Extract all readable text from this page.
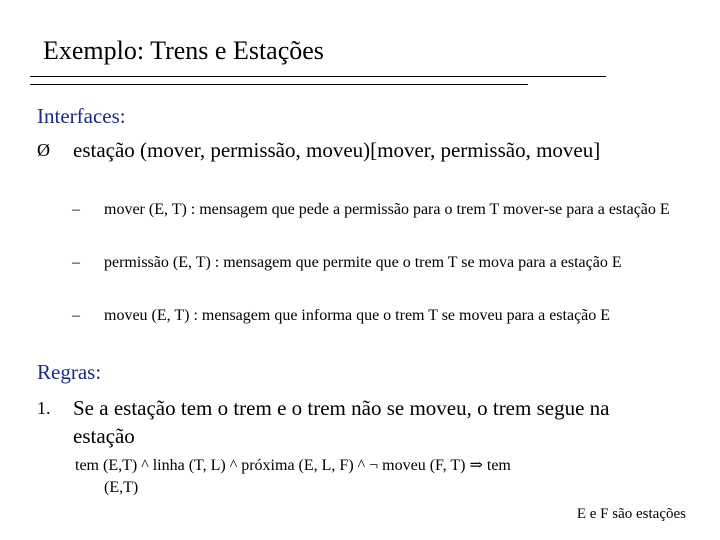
Exemplo: Trens e Estações
Interfaces:
Ø	estação (mover, permissão, moveu)[mover, permissão, moveu]
– mover (E, T) : mensagem que pede a permissão para o trem T mover-se para a estação E
– permissão (E, T) : mensagem que permite que o trem T se mova para a estação E
– moveu (E, T) : mensagem que informa que o trem T se moveu para a estação E
Regras:
1.	Se a estação tem o trem e o trem não se moveu, o trem segue na estação
tem (E,T) ^ linha (T, L) ^ próxima (E, L, F) ^ ¬ moveu (F, T) ⇒ tem
(E,T)
E e F são estações
